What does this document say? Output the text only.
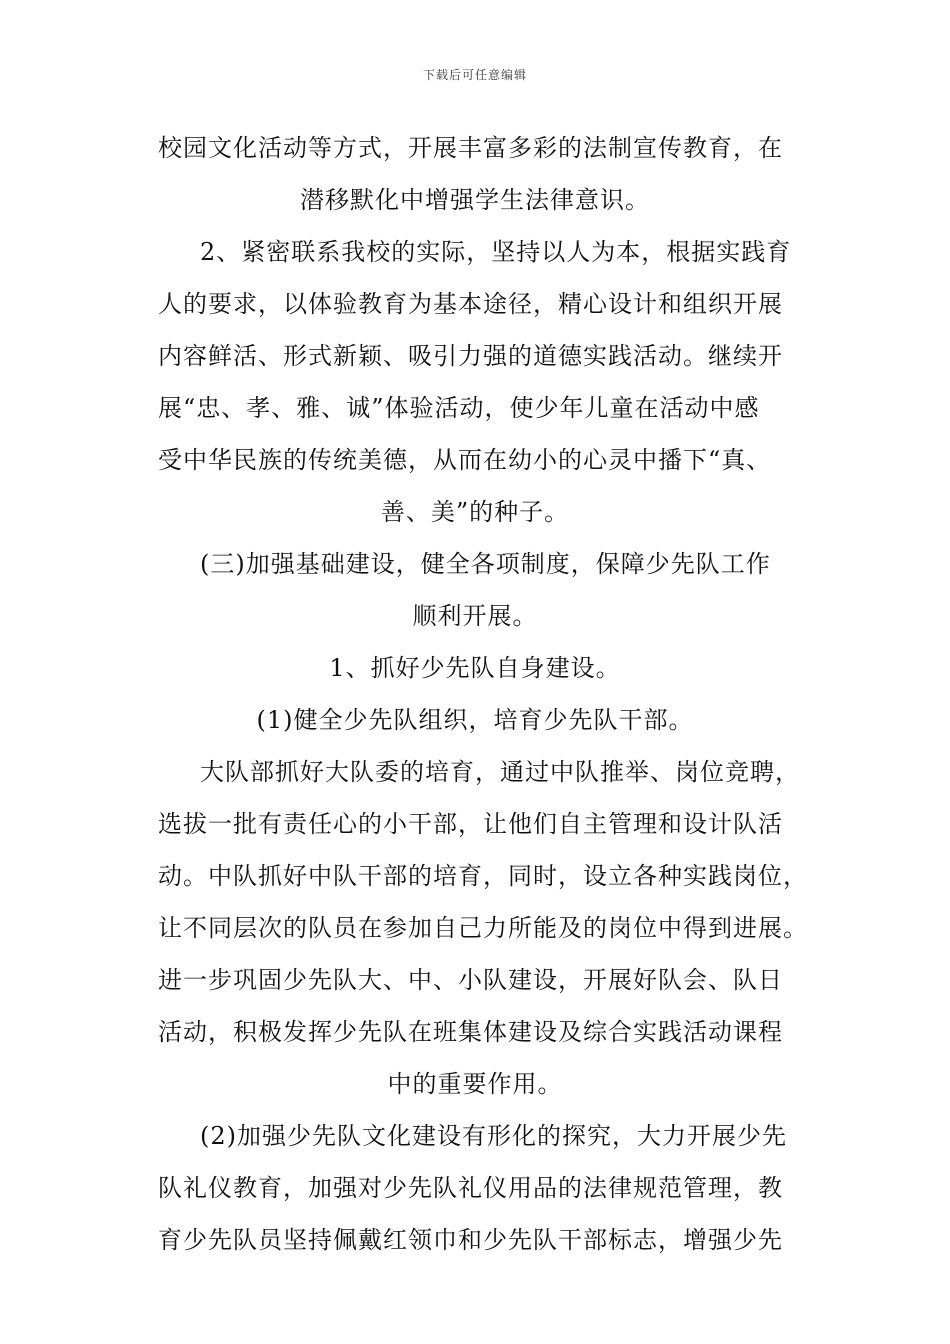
下载后可任意编辑
校园文化活动等方式，开展丰富多彩的法制宣传教育，在
潜移默化中增强学生法律意识。
2、紧密联系我校的实际，坚持以人为本，根据实践育
人的要求，以体验教育为基本途径，精心设计和组织开展
内容鲜活、形式新颖、吸引力强的道德实践活动。继续开
展“忠、孝、雅、诚”体验活动，使少年儿童在活动中感
受中华民族的传统美德，从而在幼小的心灵中播下“真、
善、美”的种子。
(三)加强基础建设，健全各项制度，保障少先队工作
顺利开展。
1、抓好少先队自身建设。
(1)健全少先队组织，培育少先队干部。
大队部抓好大队委的培育，通过中队推举、岗位竞聘，
选拔一批有责任心的小干部，让他们自主管理和设计队活
动。中队抓好中队干部的培育，同时，设立各种实践岗位，
让不同层次的队员在参加自己力所能及的岗位中得到进展。
进一步巩固少先队大、中、小队建设，开展好队会、队日
活动，积极发挥少先队在班集体建设及综合实践活动课程
中的重要作用。
(2)加强少先队文化建设有形化的探究，大力开展少先
队礼仪教育，加强对少先队礼仪用品的法律规范管理，教
育少先队员坚持佩戴红领巾和少先队干部标志，增强少先
